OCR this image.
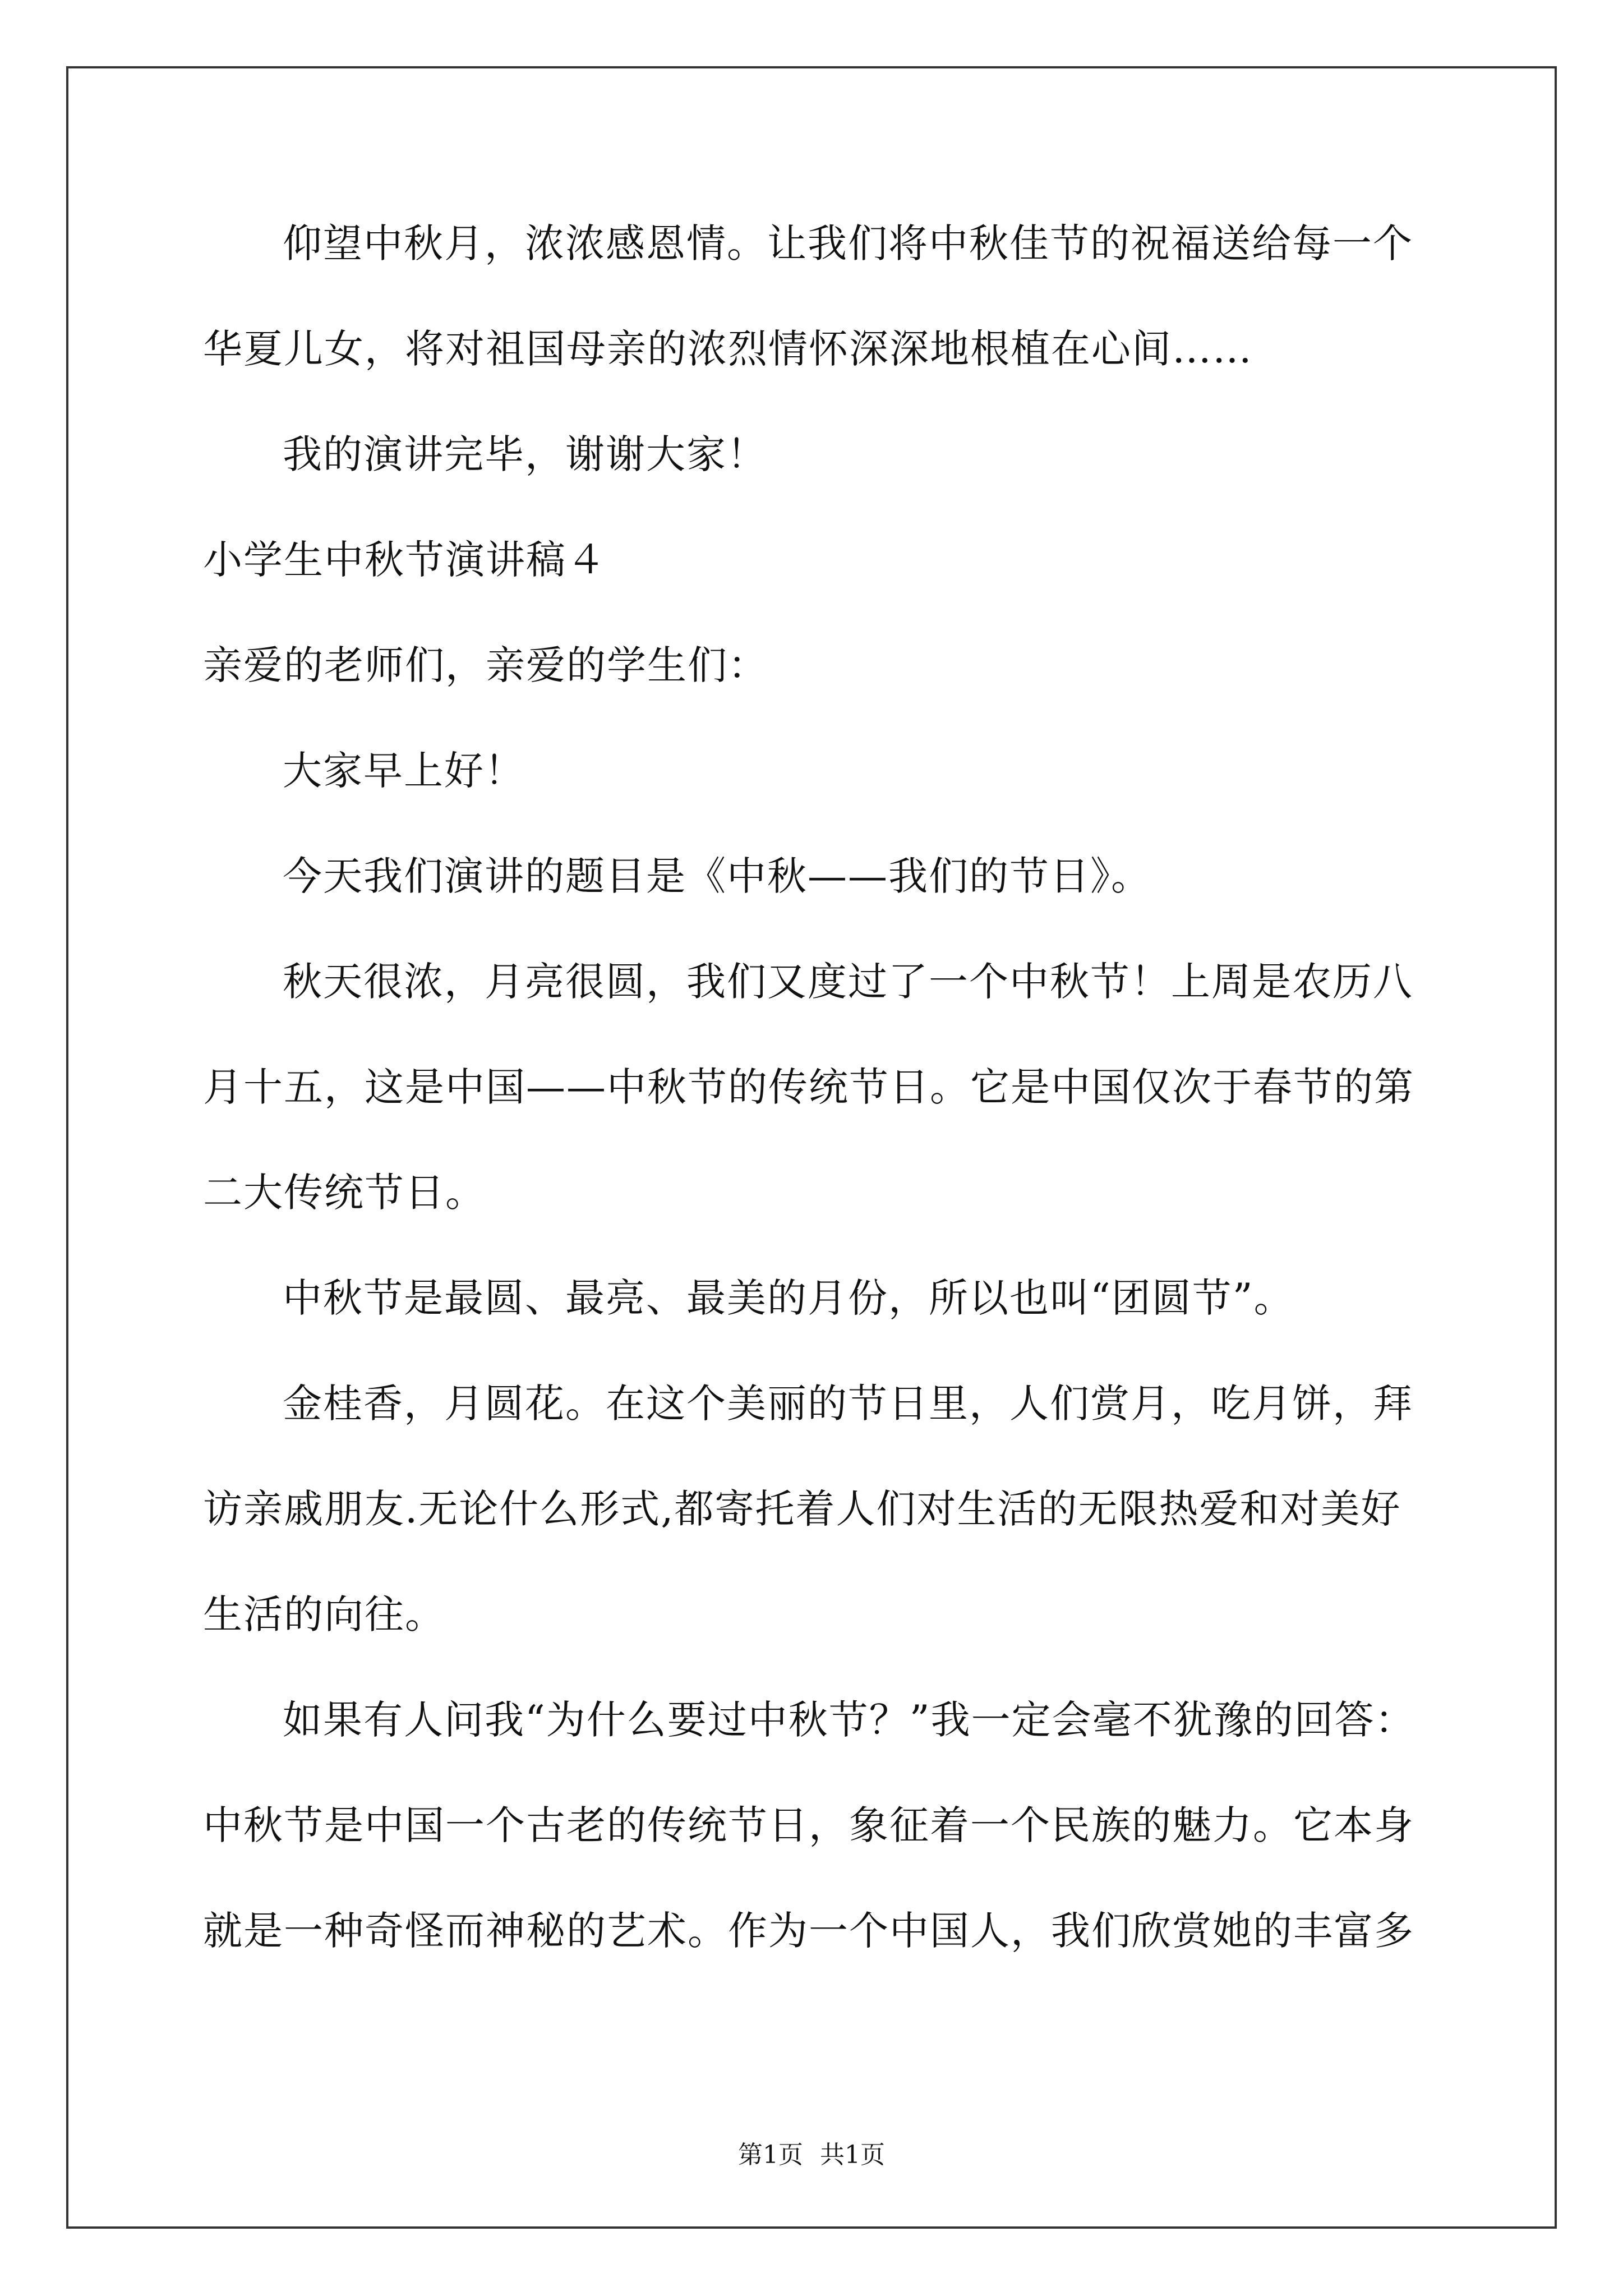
仰望中秋月，浓浓感恩情。让我们将中秋佳节的祝福送给每一个
华夏儿女，将对祖国母亲的浓烈情怀深深地根植在心间……
我的演讲完毕，谢谢大家！
小学生中秋节演讲稿４
亲爱的老师们，亲爱的学生们：
大家早上好！
今天我们演讲的题目是《中秋——我们的节日》。
秋天很浓，月亮很圆，我们又度过了一个中秋节！上周是农历八
月十五，这是中国——中秋节的传统节日。它是中国仅次于春节的第
二大传统节日。
中秋节是最圆、最亮、最美的月份，所以也叫“团圆节”。
金桂香，月圆花。在这个美丽的节日里，人们赏月，吃月饼，拜
访亲戚朋友.无论什么形式,都寄托着人们对生活的无限热爱和对美好
生活的向往。
如果有人问我“为什么要过中秋节？”我一定会毫不犹豫的回答：
中秋节是中国一个古老的传统节日，象征着一个民族的魅力。它本身
就是一种奇怪而神秘的艺术。作为一个中国人，我们欣赏她的丰富多
第1页 共1页
